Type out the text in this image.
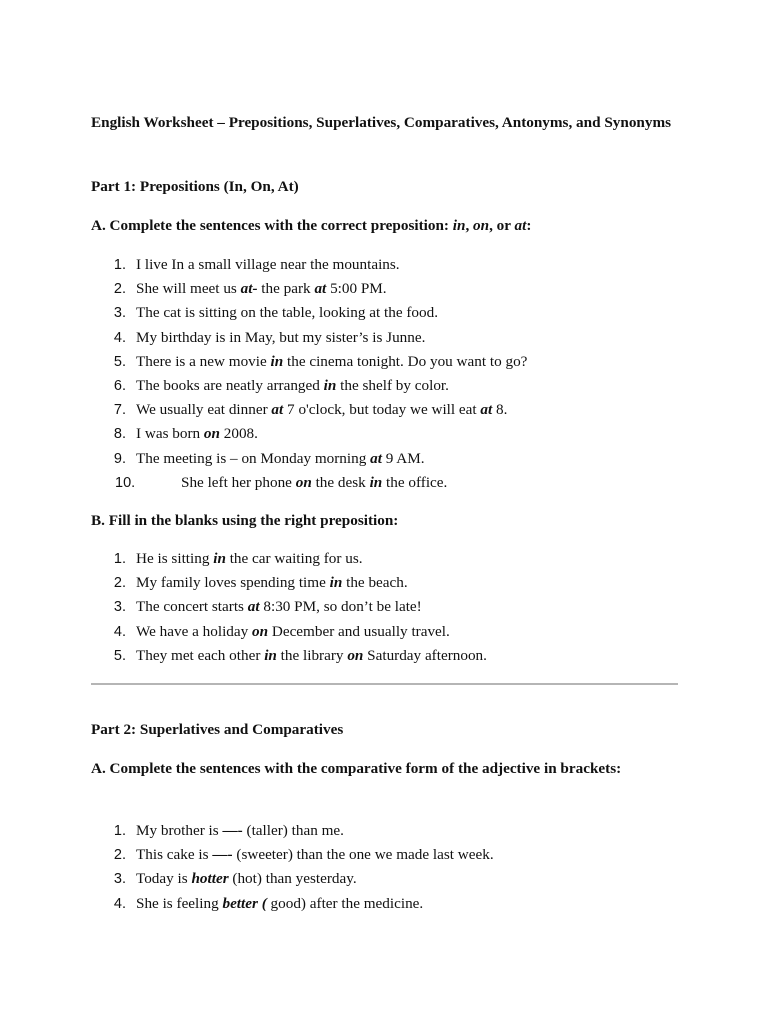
English Worksheet – Prepositions, Superlatives, Comparatives, Antonyms, and Synonyms
Part 1: Prepositions (In, On, At)
A. Complete the sentences with the correct preposition: in, on, or at:
1. I live In a small village near the mountains.
2. She will meet us at- the park at 5:00 PM.
3. The cat is sitting on the table, looking at the food.
4. My birthday is in May, but my sister’s is Junne.
5. There is a new movie in the cinema tonight. Do you want to go?
6. The books are neatly arranged in the shelf by color.
7. We usually eat dinner at 7 o'clock, but today we will eat at 8.
8. I was born on 2008.
9. The meeting is – on Monday morning at 9 AM.
10.	She left her phone on the desk in the office.
B. Fill in the blanks using the right preposition:
1. He is sitting in the car waiting for us.
2. My family loves spending time in the beach.
3. The concert starts at 8:30 PM, so don’t be late!
4. We have a holiday on December and usually travel.
5. They met each other in the library on Saturday afternoon.
Part 2: Superlatives and Comparatives
A. Complete the sentences with the comparative form of the adjective in brackets:
1. My brother is —- (taller) than me.
2. This cake is —- (sweeter) than the one we made last week.
3. Today is hotter (hot) than yesterday.
4. She is feeling better ( good) after the medicine.
